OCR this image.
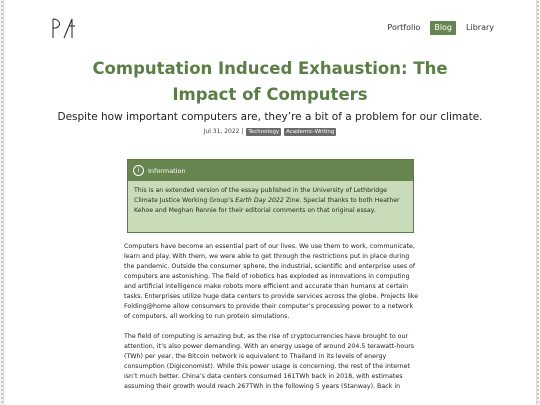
Portfolio	Blog	Library
Computation Induced Exhaustion: The Impact of Computers

Despite how important computers are, they’re a bit of a problem for our climate.

Jul 31, 2022 | Technology Academic-Writing
i	Information
This is an extended version of the essay published in the University of Lethbridge Climate Justice Working Group’s Earth Day 2022 Zine. Special thanks to both Heather Kehoe and Meghan Rennie for their editorial comments on that original essay.

Computers have become an essential part of our lives. We use them to work, communicate, learn and play. With them, we were able to get through the restrictions put in place during the pandemic. Outside the consumer sphere, the industrial, scientific and enterprise uses of computers are astonishing. The field of robotics has exploded as innovations in computing and artificial intelligence make robots more efficient and accurate than humans at certain tasks. Enterprises utilize huge data centers to provide services across the globe. Projects like Folding@home allow consumers to provide their computer’s processing power to a network of computers, all working to run protein simulations.

The field of computing is amazing but, as the rise of cryptocurrencies have brought to our attention, it’s also power demanding. With an energy usage of around 204.5 terawatt-hours (TWh) per year, the Bitcoin network is equivalent to Thailand in its levels of energy consumption (Digiconomist). While this power usage is concerning, the rest of the internet isn’t much better. China’s data centers consumed 161TWh back in 2018, with estimates assuming their growth would reach 267TWh in the following 5 years (Stanway). Back in
